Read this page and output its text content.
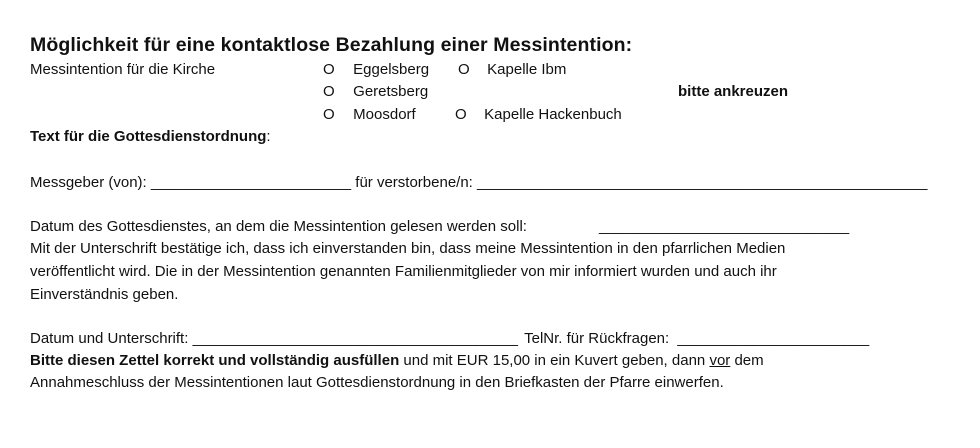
Möglichkeit für eine kontaktlose Bezahlung einer Messintention:
Messintention für die Kirche	O Eggelsberg O Kapelle Ibm
O Geretsberg	bitte ankreuzen
O Moosdorf	O Kapelle Hackenbuch
Text für die Gottesdienstordnung:
Messgeber (von): ________________________ für verstorbene/n: ______________________________________________________
Datum des Gottesdienstes, an dem die Messintention gelesen werden soll:	______________________________
Mit der Unterschrift bestätige ich, dass ich einverstanden bin, dass meine Messintention in den pfarrlichen Medien
veröffentlicht wird. Die in der Messintention genannten Familienmitglieder von mir informiert wurden und auch ihr
Einverständnis geben.
Datum und Unterschrift: _______________________________________ TelNr. für Rückfragen: _______________________
Bitte diesen Zettel korrekt und vollständig ausfüllen und mit EUR 15,00 in ein Kuvert geben, dann vor dem
Annahmeschluss der Messintentionen laut Gottesdienstordnung in den Briefkasten der Pfarre einwerfen.
